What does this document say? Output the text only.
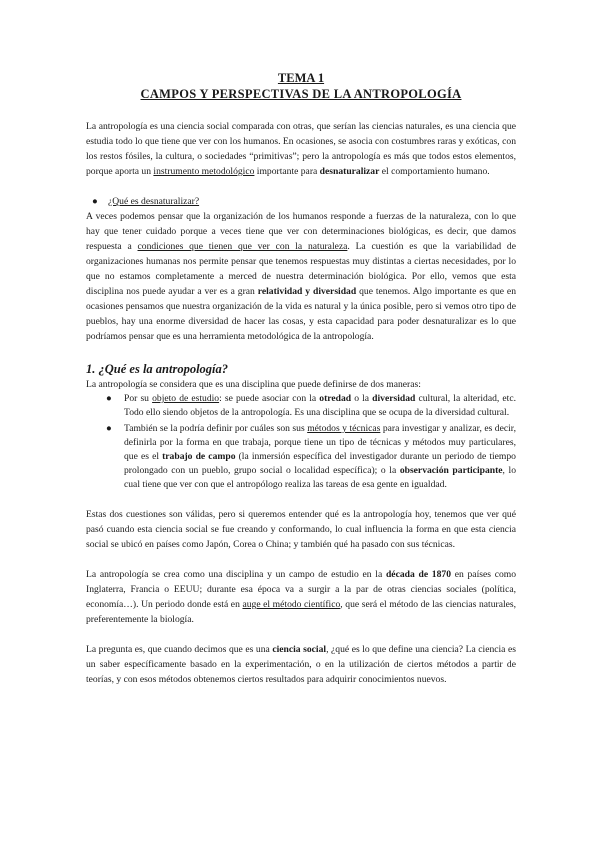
TEMA 1
CAMPOS Y PERSPECTIVAS DE LA ANTROPOLOGÍA

La antropología es una ciencia social comparada con otras, que serían las ciencias naturales, es una ciencia que estudia todo lo que tiene que ver con los humanos. En ocasiones, se asocia con costumbres raras y exóticas, con los restos fósiles, la cultura, o sociedades “primitivas”; pero la antropología es más que todos estos elementos, porque aporta un instrumento metodológico importante para desnaturalizar el comportamiento humano.

●	¿Qué es desnaturalizar?

A veces podemos pensar que la organización de los humanos responde a fuerzas de la naturaleza, con lo que hay que tener cuidado porque a veces tiene que ver con determinaciones biológicas, es decir, que damos respuesta a condiciones que tienen que ver con la naturaleza. La cuestión es que la variabilidad de organizaciones humanas nos permite pensar que tenemos respuestas muy distintas a ciertas necesidades, por lo que no estamos completamente a merced de nuestra determinación biológica. Por ello, vemos que esta disciplina nos puede ayudar a ver es a gran relatividad y diversidad que tenemos. Algo importante es que en ocasiones pensamos que nuestra organización de la vida es natural y la única posible, pero si vemos otro tipo de pueblos, hay una enorme diversidad de hacer las cosas, y esta capacidad para poder desnaturalizar es lo que podríamos pensar que es una herramienta metodológica de la antropología.

1. ¿Qué es la antropología?

La antropología se considera que es una disciplina que puede definirse de dos maneras:

●	Por su objeto de estudio: se puede asociar con la otredad o la diversidad cultural, la alteridad, etc. Todo ello siendo objetos de la antropología. Es una disciplina que se ocupa de la diversidad cultural.
●	También se la podría definir por cuáles son sus métodos y técnicas para investigar y analizar, es decir, definirla por la forma en que trabaja, porque tiene un tipo de técnicas y métodos muy particulares, que es el trabajo de campo (la inmersión específica del investigador durante un periodo de tiempo prolongado con un pueblo, grupo social o localidad específica); o la observación participante, lo cual tiene que ver con que el antropólogo realiza las tareas de esa gente en igualdad.

Estas dos cuestiones son válidas, pero si queremos entender qué es la antropología hoy, tenemos que ver qué pasó cuando esta ciencia social se fue creando y conformando, lo cual influencia la forma en que esta ciencia social se ubicó en países como Japón, Corea o China; y también qué ha pasado con sus técnicas.

La antropología se crea como una disciplina y un campo de estudio en la década de 1870 en países como Inglaterra, Francia o EEUU; durante esa época va a surgir a la par de otras ciencias sociales (política, economía…). Un periodo donde está en auge el método científico, que será el método de las ciencias naturales, preferentemente la biología.

La pregunta es, que cuando decimos que es una ciencia social, ¿qué es lo que define una ciencia? La ciencia es un saber específicamente basado en la experimentación, o en la utilización de ciertos métodos a partir de teorías, y con esos métodos obtenemos ciertos resultados para adquirir conocimientos nuevos.
